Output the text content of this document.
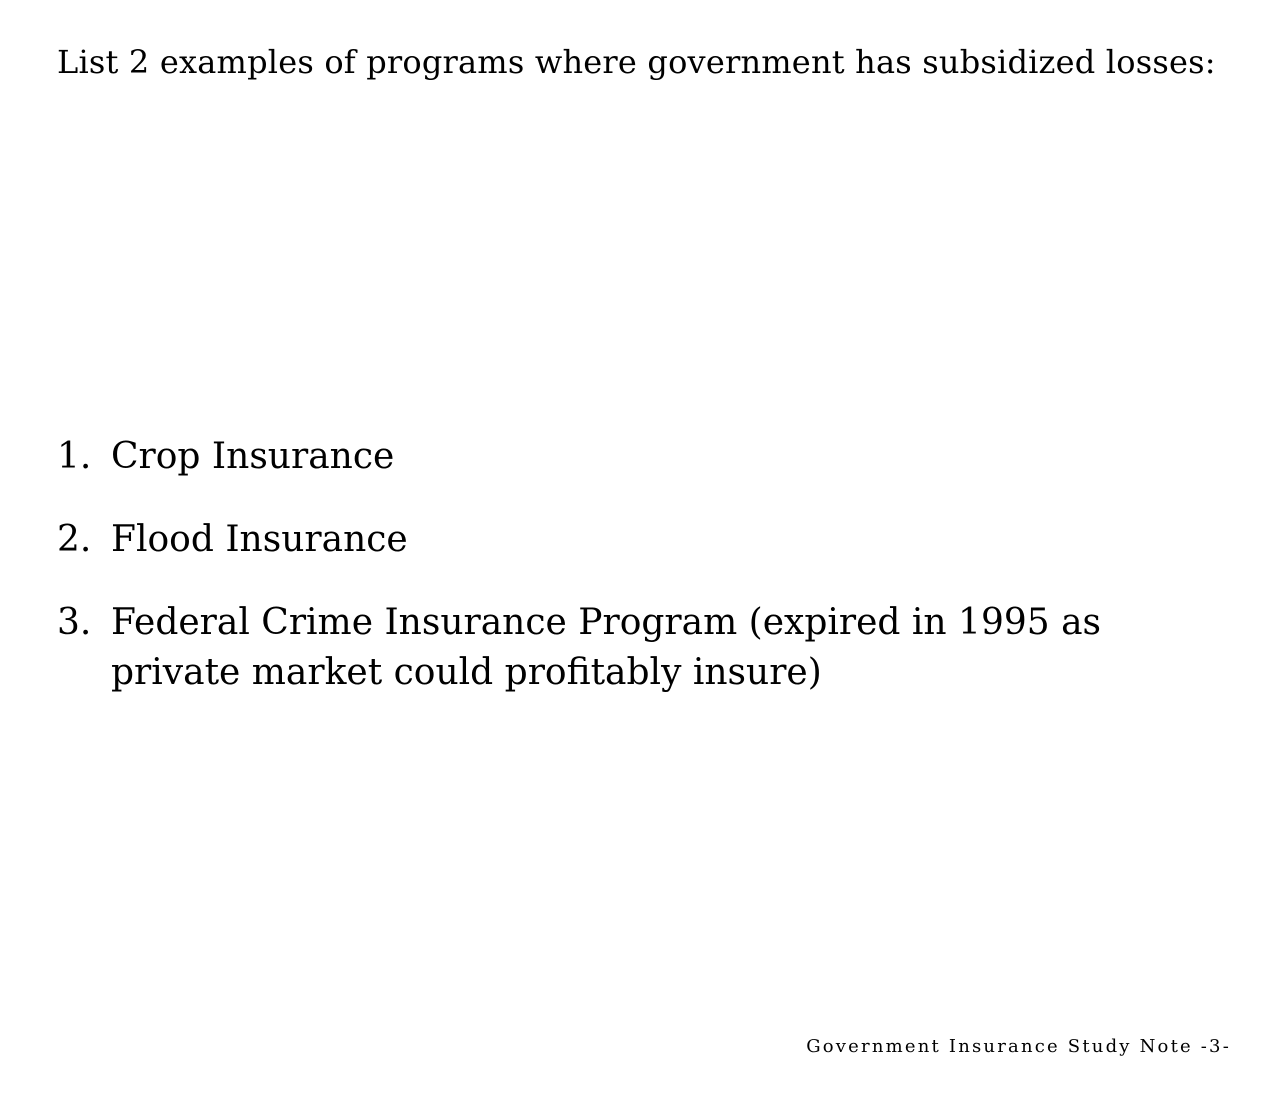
List 2 examples of programs where government has subsidized losses:
1. Crop Insurance
2. Flood Insurance
3. Federal Crime Insurance Program (expired in 1995 as private market could profitably insure)
Government Insurance Study Note -3-
